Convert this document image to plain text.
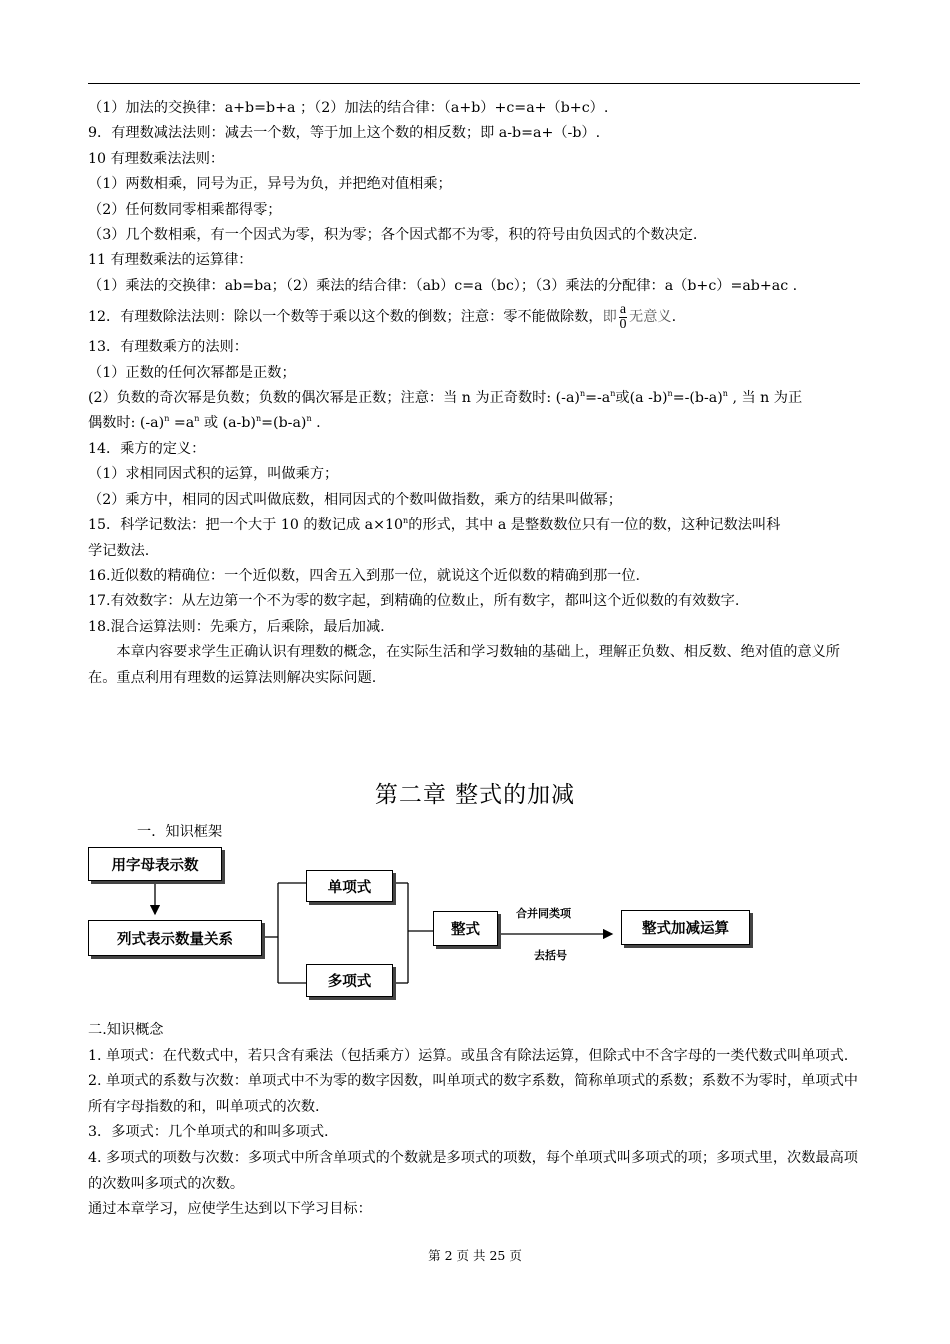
（1）加法的交换律：a+b=b+a ；（2）加法的结合律：（a+b）+c=a+（b+c）.

9．有理数减法法则：减去一个数，等于加上这个数的相反数；即 a-b=a+（-b）.

10 有理数乘法法则：

（1）两数相乘，同号为正，异号为负，并把绝对值相乘；

（2）任何数同零相乘都得零；

（3）几个数相乘，有一个因式为零，积为零；各个因式都不为零，积的符号由负因式的个数决定.

11 有理数乘法的运算律：

（1）乘法的交换律：ab=ba；（2）乘法的结合律：（ab）c=a（bc）；（3）乘法的分配律：a（b+c）=ab+ac .

12．有理数除法法则：除以一个数等于乘以这个数的倒数；注意：零不能做除数，即 $\frac{a}{0}$ 无意义.

13．有理数乘方的法则：

（1）正数的任何次幂都是正数；

(2）负数的奇次幂是负数；负数的偶次幂是正数；注意：当 n 为正奇数时: $(-a)^n=-a^n$或(a $-b)^n=-(b-a)^n$ , 当 n 为正

偶数时: $(-a)^n =a^n$ 或 $(a-b)^n=(b-a)^n$ .

14．乘方的定义：

（1）求相同因式积的运算，叫做乘方；

（2）乘方中，相同的因式叫做底数，相同因式的个数叫做指数，乘方的结果叫做幂；

15．科学记数法：把一个大于 10 的数记成 $a\times 10^n$的形式，其中 a 是整数数位只有一位的数，这种记数法叫科

学记数法.

16.近似数的精确位：一个近似数，四舍五入到那一位，就说这个近似数的精确到那一位.

17.有效数字：从左边第一个不为零的数字起，到精确的位数止，所有数字，都叫这个近似数的有效数字.

18.混合运算法则：先乘方，后乘除，最后加减.

本章内容要求学生正确认识有理数的概念，在实际生活和学习数轴的基础上，理解正负数、相反数、绝对值的意义所在。重点利用有理数的运算法则解决实际问题.

第二章 整式的加减
一．知识框架
用字母表示数
列式表示数量关系
单项式
多项式
整式	整式加减运算
合并同类项
去括号

二.知识概念

1. 单项式：在代数式中，若只含有乘法（包括乘方）运算。或虽含有除法运算，但除式中不含字母的一类代数式叫单项式.

2. 单项式的系数与次数：单项式中不为零的数字因数，叫单项式的数字系数，简称单项式的系数；系数不为零时，单项式中所有字母指数的和，叫单项式的次数.

3．多项式：几个单项式的和叫多项式.

4. 多项式的项数与次数：多项式中所含单项式的个数就是多项式的项数，每个单项式叫多项式的项；多项式里，次数最高项的次数叫多项式的次数。

通过本章学习，应使学生达到以下学习目标：

第 2 页 共 25 页
